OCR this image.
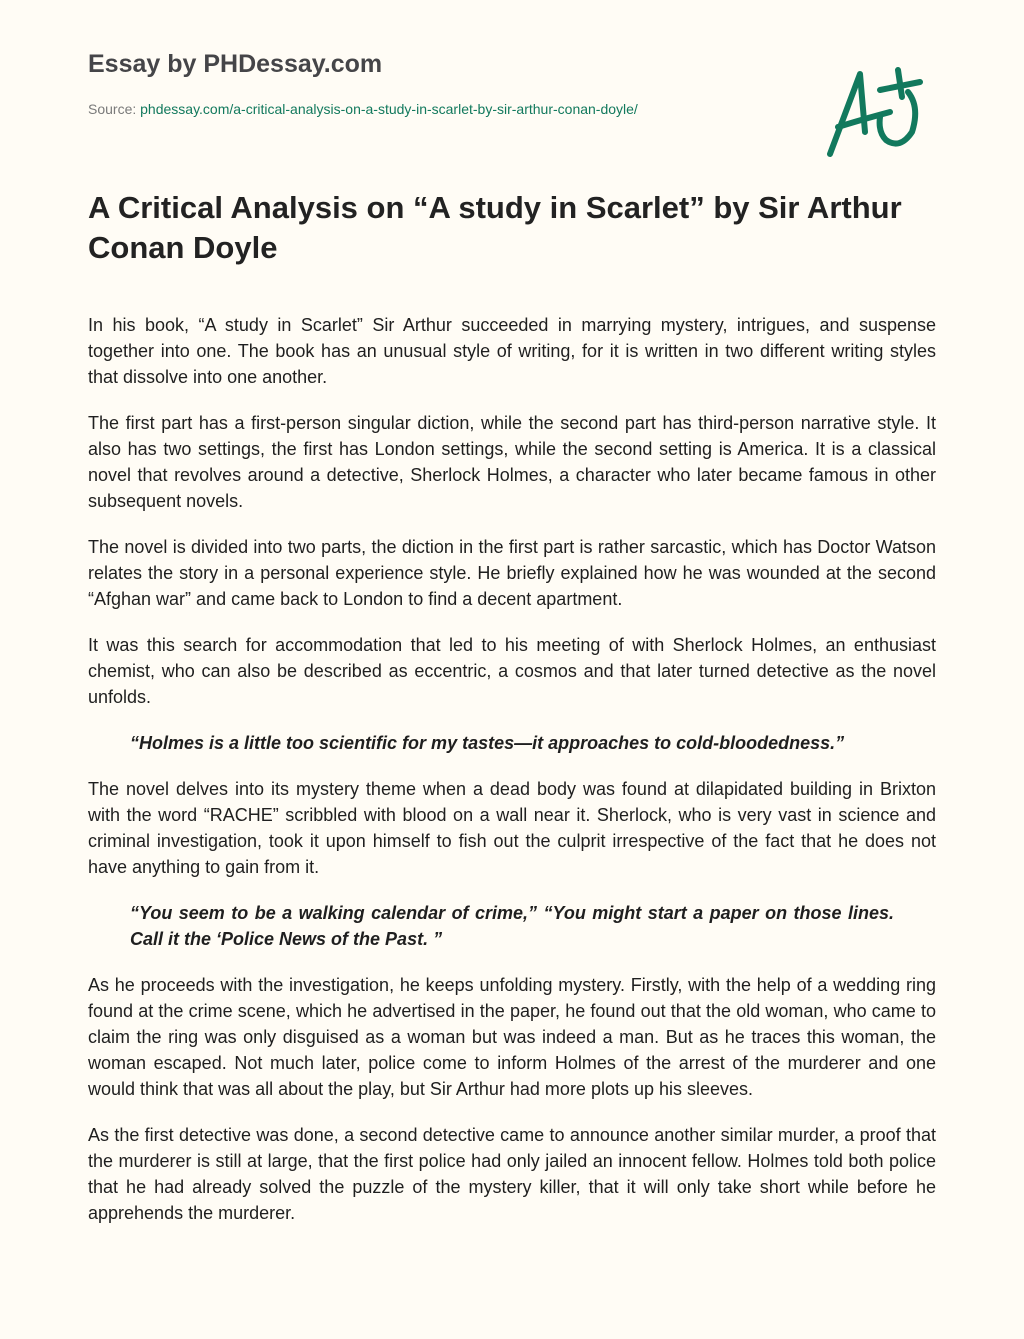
Essay by PHDessay.com
Source: phdessay.com/a-critical-analysis-on-a-study-in-scarlet-by-sir-arthur-conan-doyle/
A Critical Analysis on “A study in Scarlet” by Sir Arthur Conan Doyle

In his book, “A study in Scarlet” Sir Arthur succeeded in marrying mystery, intrigues, and suspense together into one. The book has an unusual style of writing, for it is written in two different writing styles that dissolve into one another.

The first part has a first-person singular diction, while the second part has third-person narrative style. It also has two settings, the first has London settings, while the second setting is America. It is a classical novel that revolves around a detective, Sherlock Holmes, a character who later became famous in other subsequent novels.

The novel is divided into two parts, the diction in the first part is rather sarcastic, which has Doctor Watson relates the story in a personal experience style. He briefly explained how he was wounded at the second “Afghan war” and came back to London to find a decent apartment.

It was this search for accommodation that led to his meeting of with Sherlock Holmes, an enthusiast chemist, who can also be described as eccentric, a cosmos and that later turned detective as the novel unfolds.

“Holmes is a little too scientific for my tastes—it approaches to cold-bloodedness.”

The novel delves into its mystery theme when a dead body was found at dilapidated building in Brixton with the word “RACHE” scribbled with blood on a wall near it. Sherlock, who is very vast in science and criminal investigation, took it upon himself to fish out the culprit irrespective of the fact that he does not have anything to gain from it.

“You seem to be a walking calendar of crime,” “You might start a paper on those lines. Call it the ‘Police News of the Past. ”

As he proceeds with the investigation, he keeps unfolding mystery. Firstly, with the help of a wedding ring found at the crime scene, which he advertised in the paper, he found out that the old woman, who came to claim the ring was only disguised as a woman but was indeed a man. But as he traces this woman, the woman escaped. Not much later, police come to inform Holmes of the arrest of the murderer and one would think that was all about the play, but Sir Arthur had more plots up his sleeves.

As the first detective was done, a second detective came to announce another similar murder, a proof that the murderer is still at large, that the first police had only jailed an innocent fellow. Holmes told both police that he had already solved the puzzle of the mystery killer, that it will only take short while before he apprehends the murderer.
